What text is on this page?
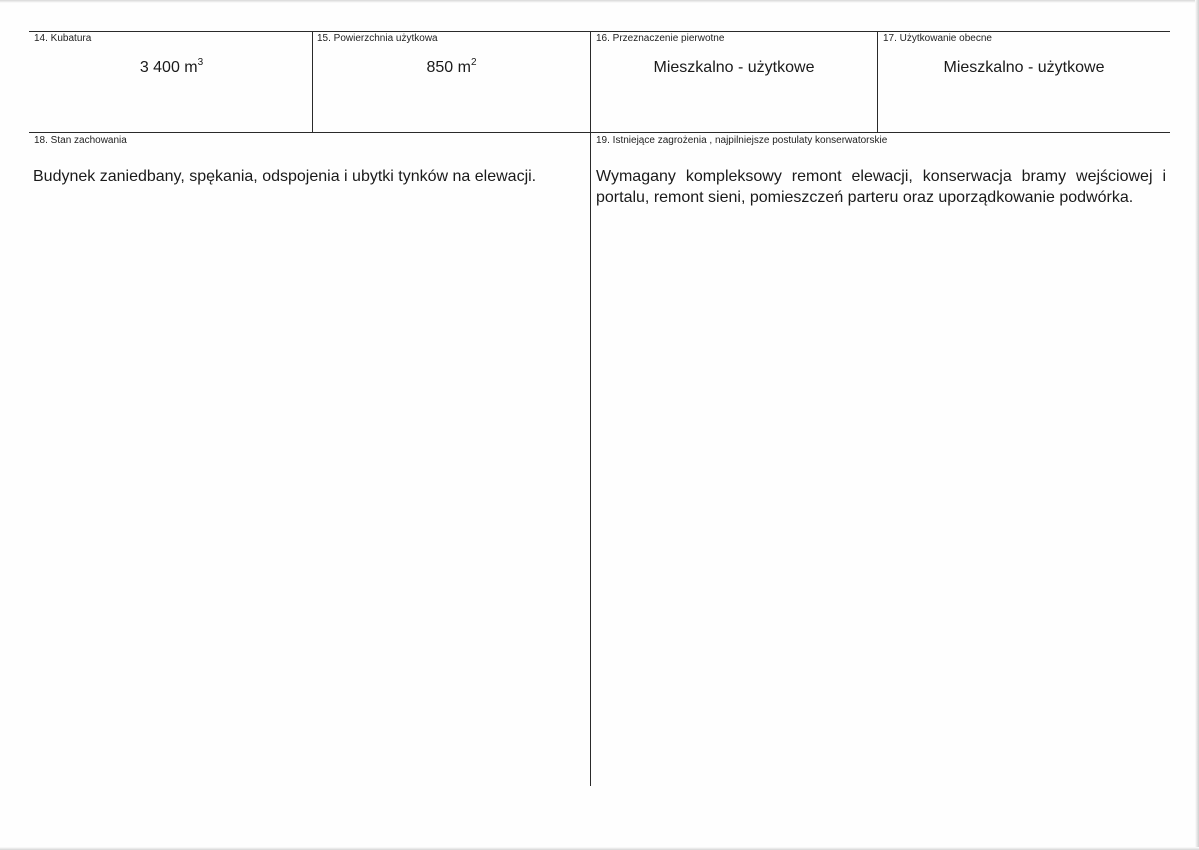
14. Kubatura
3 400 $m^3$
15. Powierzchnia użytkowa
850 $m^2$
16. Przeznaczenie pierwotne
Mieszkalno - użytkowe
17. Użytkowanie obecne
Mieszkalno - użytkowe
18. Stan zachowania
Budynek zaniedbany, spękania, odspojenia i ubytki tynków na elewacji.
19. Istniejące zagrożenia , najpilniejsze postulaty konserwatorskie
Wymagany kompleksowy remont elewacji, konserwacja bramy wejściowej i portalu, remont sieni, pomieszczeń parteru oraz uporządkowanie podwórka.
